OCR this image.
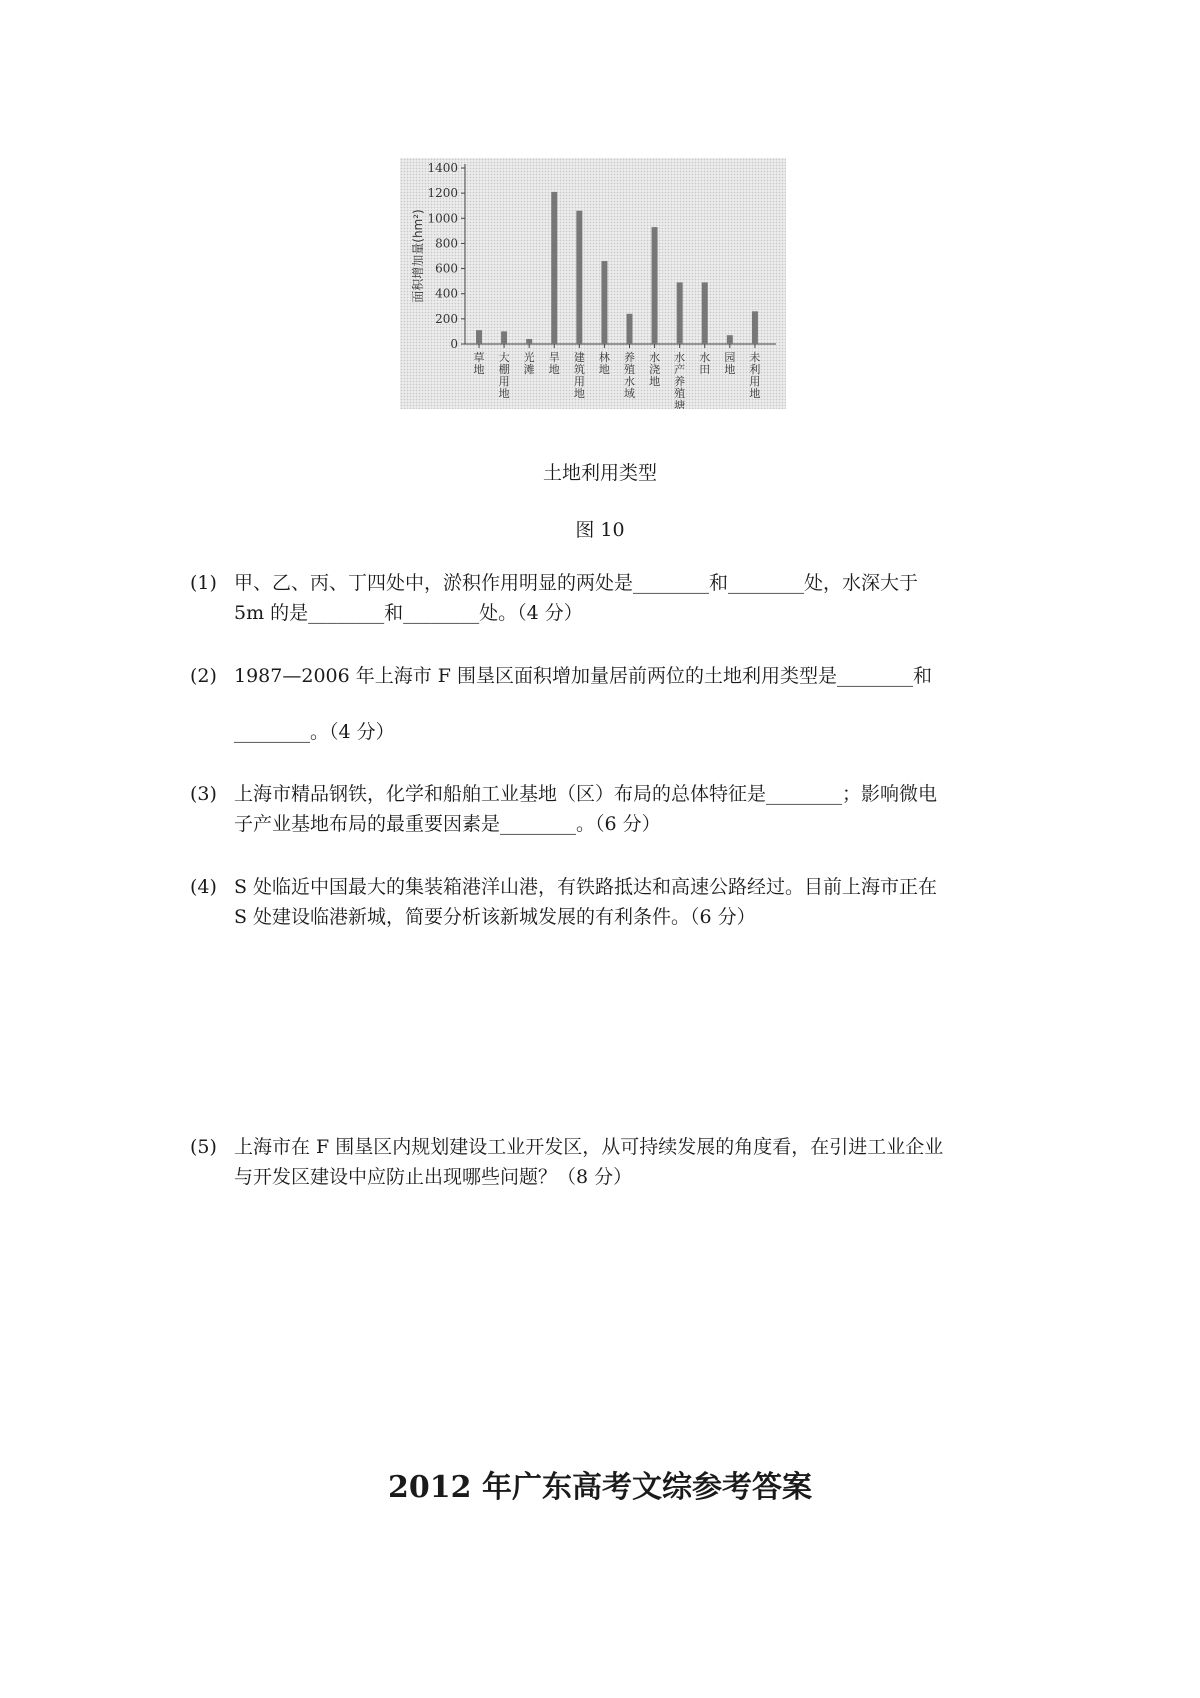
0
200
400
600
800
1000
1200
1400
面积增加量(hm²)
草地
大棚用地
光滩
旱地
建筑用地
林地
养殖水域
水浇地
水产养殖塘
水田
园地
未利用地
土地利用类型
图 10
(1) 甲、乙、丙、丁四处中，淤积作用明显的两处是________和________处，水深大于
5m 的是________和________处。（4 分）
(2) 1987—2006 年上海市 F 围垦区面积增加量居前两位的土地利用类型是________和
________。（4 分）
(3) 上海市精品钢铁，化学和船舶工业基地（区）布局的总体特征是________；影响微电
子产业基地布局的最重要因素是________。（6 分）
(4) S 处临近中国最大的集装箱港洋山港，有铁路抵达和高速公路经过。目前上海市正在
S 处建设临港新城，简要分析该新城发展的有利条件。（6 分）
(5) 上海市在 F 围垦区内规划建设工业开发区，从可持续发展的角度看，在引进工业企业
与开发区建设中应防止出现哪些问题？（8 分）
2012 年广东高考文综参考答案
